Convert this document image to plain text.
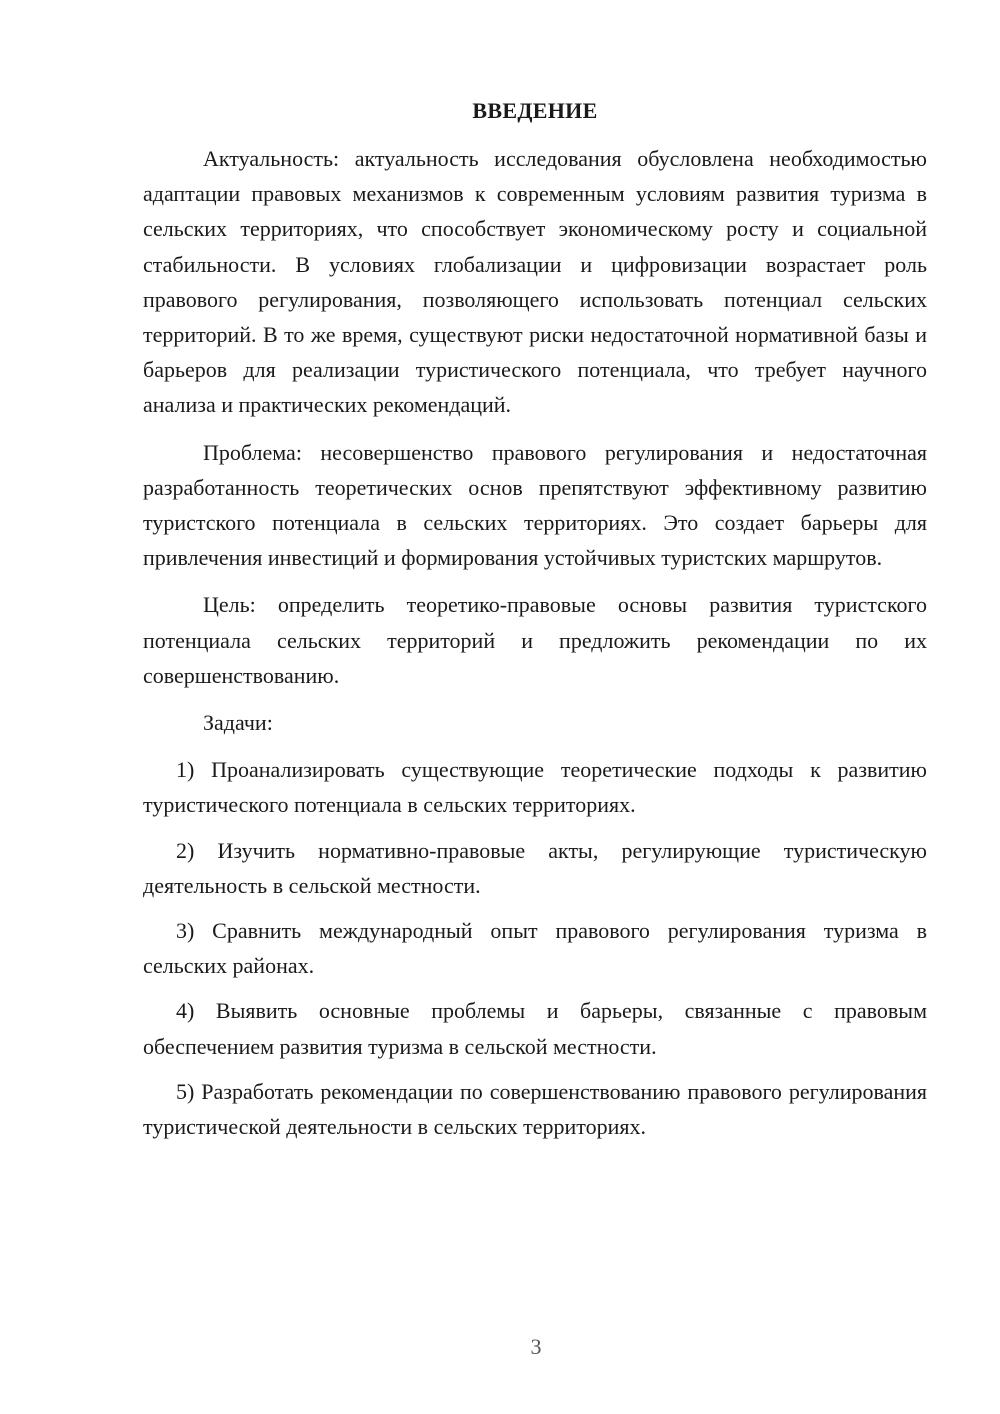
ВВЕДЕНИЕ

Актуальность: актуальность исследования обусловлена необходимостью адаптации правовых механизмов к современным условиям развития туризма в сельских территориях, что способствует экономическому росту и социальной стабильности. В условиях глобализации и цифровизации возрастает роль правового регулирования, позволяющего использовать потенциал сельских территорий. В то же время, существуют риски недостаточной нормативной базы и барьеров для реализации туристического потенциала, что требует научного анализа и практических рекомендаций.

Проблема: несовершенство правового регулирования и недостаточная разработанность теоретических основ препятствуют эффективному развитию туристского потенциала в сельских территориях. Это создает барьеры для привлечения инвестиций и формирования устойчивых туристских маршрутов.

Цель: определить теоретико-правовые основы развития туристского потенциала сельских территорий и предложить рекомендации по их совершенствованию.

Задачи:

1) Проанализировать существующие теоретические подходы к развитию туристического потенциала в сельских территориях.

2) Изучить нормативно-правовые акты, регулирующие туристическую деятельность в сельской местности.

3) Сравнить международный опыт правового регулирования туризма в сельских районах.

4) Выявить основные проблемы и барьеры, связанные с правовым обеспечением развития туризма в сельской местности.

5) Разработать рекомендации по совершенствованию правового регулирования туристической деятельности в сельских территориях.

3
